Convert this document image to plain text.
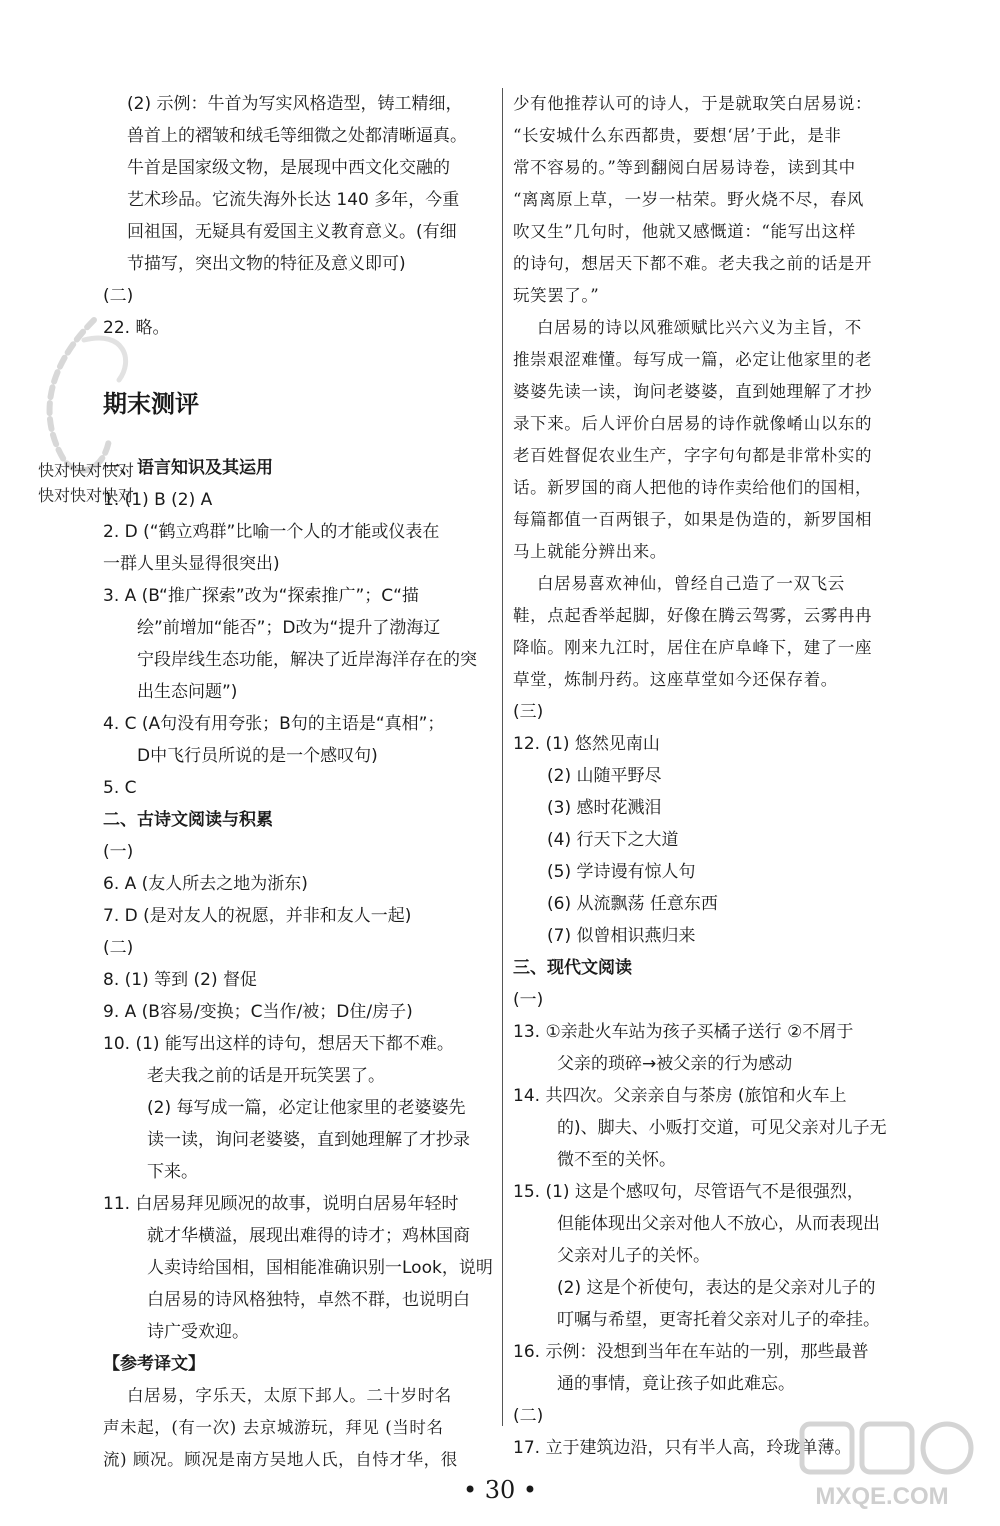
(2) 示例：牛首为写实风格造型，铸工精细，

兽首上的褶皱和绒毛等细微之处都清晰逼真。

牛首是国家级文物，是展现中西文化交融的

艺术珍品。它流失海外长达 140 多年，今重

回祖国，无疑具有爱国主义教育意义。(有细

节描写，突出文物的特征及意义即可)

(二)

22. 略。

期末测评

一、语言知识及其运用

1. (1) B (2) A

2. D (“鹤立鸡群”比喻一个人的才能或仪表在

一群人里头显得很突出)

3. A (B“推广探索”改为“探索推广”；C“描

绘”前增加“能否”；D改为“提升了渤海辽

宁段岸线生态功能，解决了近岸海洋存在的突

出生态问题”)

4. C (A句没有用夸张；B句的主语是“真相”；

D中飞行员所说的是一个感叹句)

5. C

二、古诗文阅读与积累

(一)

6. A (友人所去之地为浙东)

7. D (是对友人的祝愿，并非和友人一起)

(二)

8. (1) 等到 (2) 督促

9. A (B容易/变换；C当作/被；D住/房子)

10. (1) 能写出这样的诗句，想居天下都不难。

老夫我之前的话是开玩笑罢了。

(2) 每写成一篇，必定让他家里的老婆婆先

读一读，询问老婆婆，直到她理解了才抄录

下来。

11. 白居易拜见顾况的故事，说明白居易年轻时

就才华横溢，展现出难得的诗才；鸡林国商

人卖诗给国相，国相能准确识别一Look，说明

白居易的诗风格独特，卓然不群，也说明白

诗广受欢迎。

【参考译文】

白居易，字乐天，太原下邽人。二十岁时名

声未起，(有一次) 去京城游玩，拜见 (当时名

流) 顾况。顾况是南方吴地人氏，自恃才华，很

少有他推荐认可的诗人，于是就取笑白居易说：

“长安城什么东西都贵，要想‘居’于此，是非

常不容易的。”等到翻阅白居易诗卷，读到其中

“离离原上草，一岁一枯荣。野火烧不尽，春风

吹又生”几句时，他就又感慨道：“能写出这样

的诗句，想居天下都不难。老夫我之前的话是开

玩笑罢了。”

白居易的诗以风雅颂赋比兴六义为主旨，不

推崇艰涩难懂。每写成一篇，必定让他家里的老

婆婆先读一读，询问老婆婆，直到她理解了才抄

录下来。后人评价白居易的诗作就像崤山以东的

老百姓督促农业生产，字字句句都是非常朴实的

话。新罗国的商人把他的诗作卖给他们的国相，

每篇都值一百两银子，如果是伪造的，新罗国相

马上就能分辨出来。

白居易喜欢神仙，曾经自己造了一双飞云

鞋，点起香举起脚，好像在腾云驾雾，云雾冉冉

降临。刚来九江时，居住在庐阜峰下，建了一座

草堂，炼制丹药。这座草堂如今还保存着。

(三)

12. (1) 悠然见南山

(2) 山随平野尽

(3) 感时花溅泪

(4) 行天下之大道

(5) 学诗谩有惊人句

(6) 从流飘荡 任意东西

(7) 似曾相识燕归来

三、现代文阅读

(一)

13. ①亲赴火车站为孩子买橘子送行 ②不屑于

父亲的琐碎→被父亲的行为感动

14. 共四次。父亲亲自与茶房 (旅馆和火车上

的)、脚夫、小贩打交道，可见父亲对儿子无

微不至的关怀。

15. (1) 这是个感叹句，尽管语气不是很强烈，

但能体现出父亲对他人不放心，从而表现出

父亲对儿子的关怀。

(2) 这是个祈使句，表达的是父亲对儿子的

叮嘱与希望，更寄托着父亲对儿子的牵挂。

16. 示例：没想到当年在车站的一别，那些最普

通的事情，竟让孩子如此难忘。

(二)

17. 立于建筑边沿，只有半人高，玲珑单薄。

快对快对快对
快对快对快对
• 30 •	MXQE.COM
